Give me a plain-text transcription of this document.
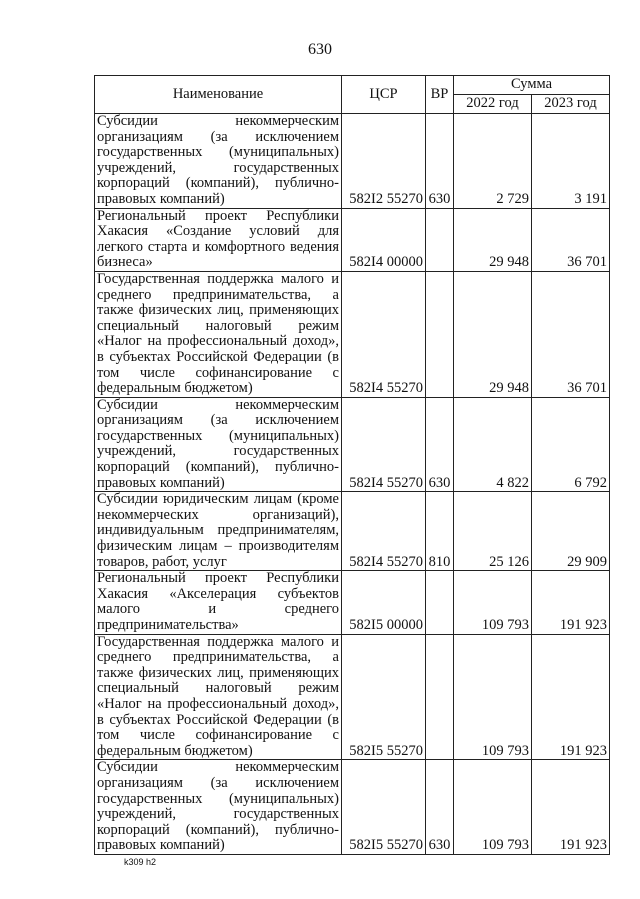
630
Наименование	ЦСР	ВР	Сумма	
			2022 год	2023 год
Субсидии некоммерческим организациям (за исключением государственных (муниципальных) учреждений, государственных корпораций (компаний), публично-правовых компаний)	582I2 55270	630	2 729	3 191
Региональный проект Республики Хакасия «Создание условий для легкого старта и комфортного ведения бизнеса»	582I4 00000		29 948	36 701
Государственная поддержка малого и среднего предпринимательства, а также физических лиц, применяющих специальный налоговый режим «Налог на профессиональный доход», в субъектах Российской Федерации (в том числе софинансирование с федеральным бюджетом)	582I4 55270		29 948	36 701
Субсидии некоммерческим организациям (за исключением государственных (муниципальных) учреждений, государственных корпораций (компаний), публично-правовых компаний)	582I4 55270	630	4 822	6 792
Субсидии юридическим лицам (кроме некоммерческих организаций), индивидуальным предпринимателям, физическим лицам – производителям товаров, работ, услуг	582I4 55270	810	25 126	29 909
Региональный проект Республики Хакасия «Акселерация субъектов малого и среднего предпринимательства»	582I5 00000		109 793	191 923
Государственная поддержка малого и среднего предпринимательства, а также физических лиц, применяющих специальный налоговый режим «Налог на профессиональный доход», в субъектах Российской Федерации (в том числе софинансирование с федеральным бюджетом)	582I5 55270		109 793	191 923
Субсидии некоммерческим организациям (за исключением государственных (муниципальных) учреждений, государственных корпораций (компаний), публично-правовых компаний)	582I5 55270	630	109 793	191 923
k309 h2
